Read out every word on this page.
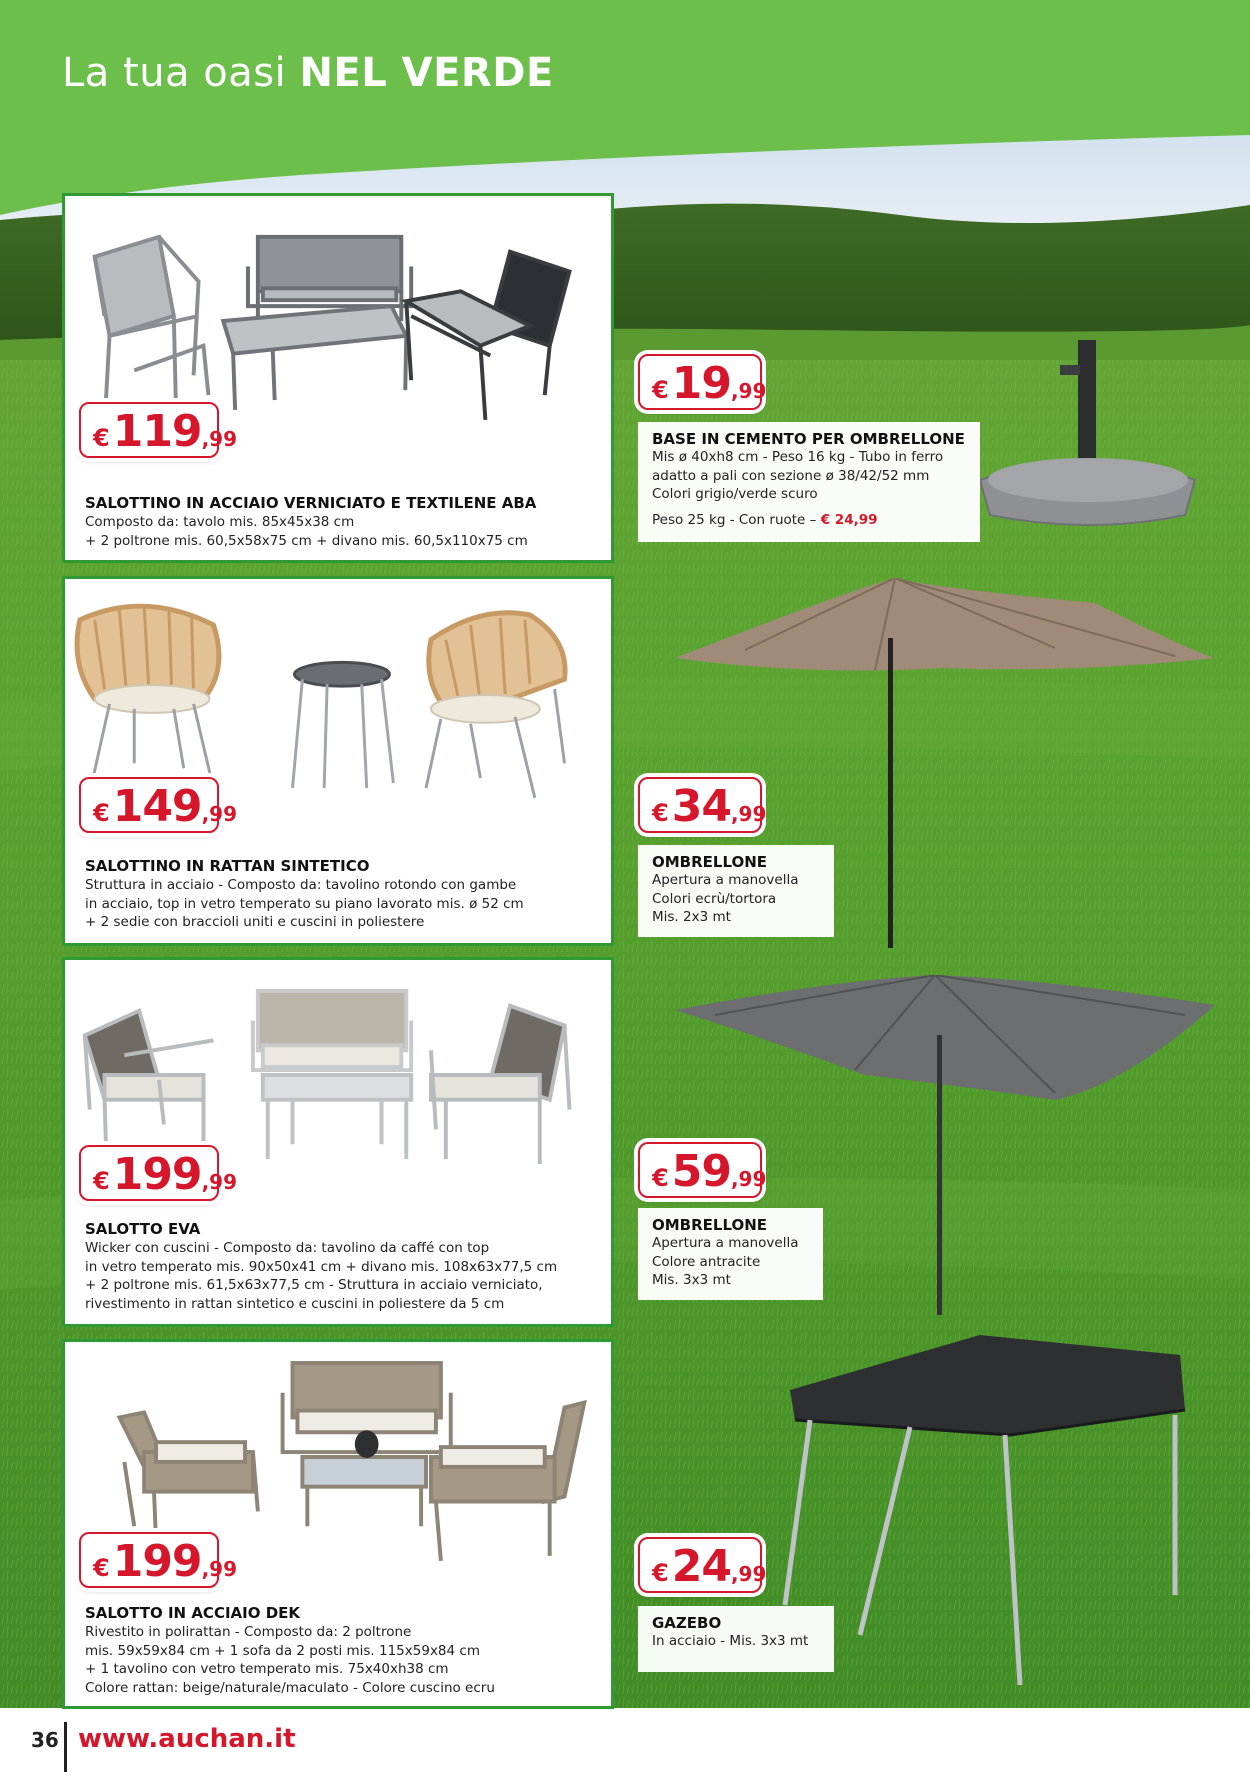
La tua oasi NEL VERDE
€ 119 ,99
SALOTTINO IN ACCIAIO VERNICIATO E TEXTILENE ABA
Composto da: tavolo mis. 85x45x38 cm
+ 2 poltrone mis. 60,5x58x75 cm + divano mis. 60,5x110x75 cm
€ 149 ,99
SALOTTINO IN RATTAN SINTETICO
Struttura in acciaio - Composto da: tavolino rotondo con gambe
in acciaio, top in vetro temperato su piano lavorato mis. ø 52 cm
+ 2 sedie con braccioli uniti e cuscini in poliestere
€ 199 ,99
SALOTTO EVA
Wicker con cuscini - Composto da: tavolino da caffé con top
in vetro temperato mis. 90x50x41 cm + divano mis. 108x63x77,5 cm
+ 2 poltrone mis. 61,5x63x77,5 cm - Struttura in acciaio verniciato,
rivestimento in rattan sintetico e cuscini in poliestere da 5 cm
€ 199 ,99
SALOTTO IN ACCIAIO DEK
Rivestito in polirattan - Composto da: 2 poltrone
mis. 59x59x84 cm + 1 sofa da 2 posti mis. 115x59x84 cm
+ 1 tavolino con vetro temperato mis. 75x40xh38 cm
Colore rattan: beige/naturale/maculato - Colore cuscino ecru
€ 19 ,99
BASE IN CEMENTO PER OMBRELLONE
Mis ø 40xh8 cm - Peso 16 kg - Tubo in ferro
adatto a pali con sezione ø 38/42/52 mm
Colori grigio/verde scuro
Peso 25 kg - Con ruote – € 24,99
€ 34 ,99
OMBRELLONE
Apertura a manovella
Colori ecrù/tortora
Mis. 2x3 mt
€ 59 ,99
OMBRELLONE
Apertura a manovella
Colore antracite
Mis. 3x3 mt
€ 24 ,99
GAZEBO
In acciaio - Mis. 3x3 mt
36 www.auchan.it
